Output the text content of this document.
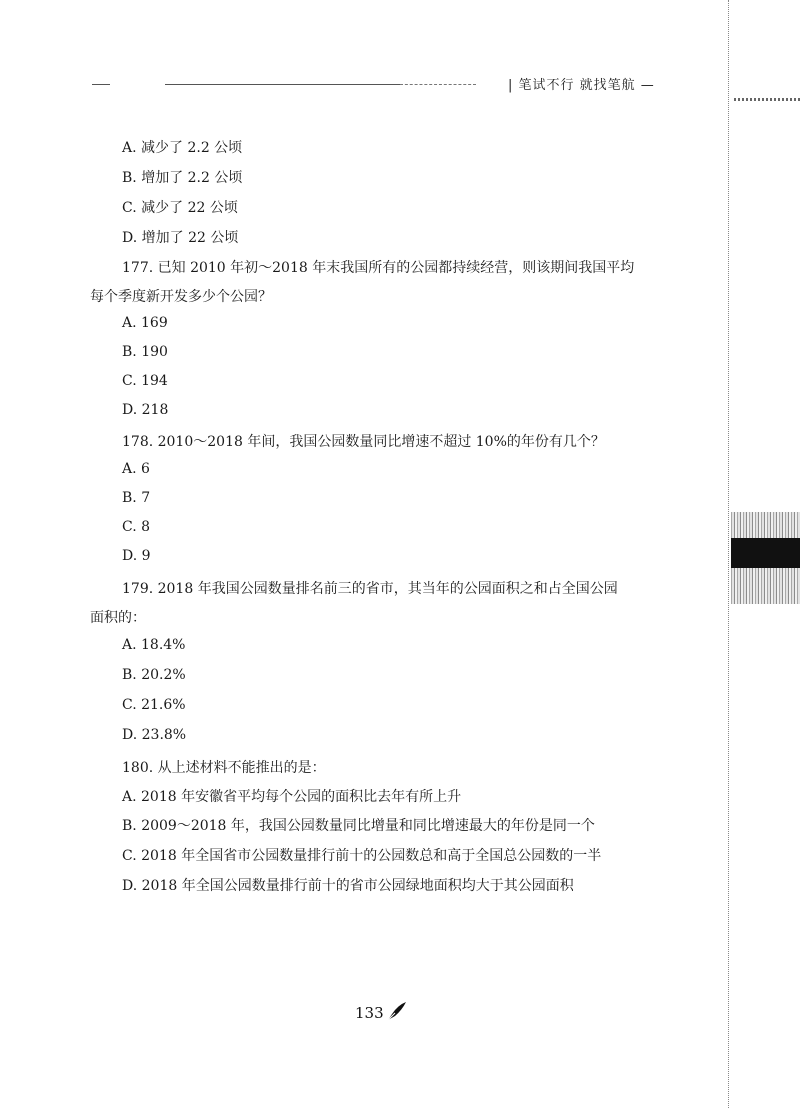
| 笔试不行 就找笔航 —
A. 减少了 2.2 公顷
B. 增加了 2.2 公顷
C. 减少了 22 公顷
D. 增加了 22 公顷
177. 已知 2010 年初～2018 年末我国所有的公园都持续经营，则该期间我国平均
每个季度新开发多少个公园？
A. 169
B. 190
C. 194
D. 218
178. 2010～2018 年间，我国公园数量同比增速不超过 10%的年份有几个？
A. 6
B. 7
C. 8
D. 9
179. 2018 年我国公园数量排名前三的省市，其当年的公园面积之和占全国公园
面积的：
A. 18.4%
B. 20.2%
C. 21.6%
D. 23.8%
180. 从上述材料不能推出的是：
A. 2018 年安徽省平均每个公园的面积比去年有所上升
B. 2009～2018 年，我国公园数量同比增量和同比增速最大的年份是同一个
C. 2018 年全国省市公园数量排行前十的公园数总和高于全国总公园数的一半
D. 2018 年全国公园数量排行前十的省市公园绿地面积均大于其公园面积
133
